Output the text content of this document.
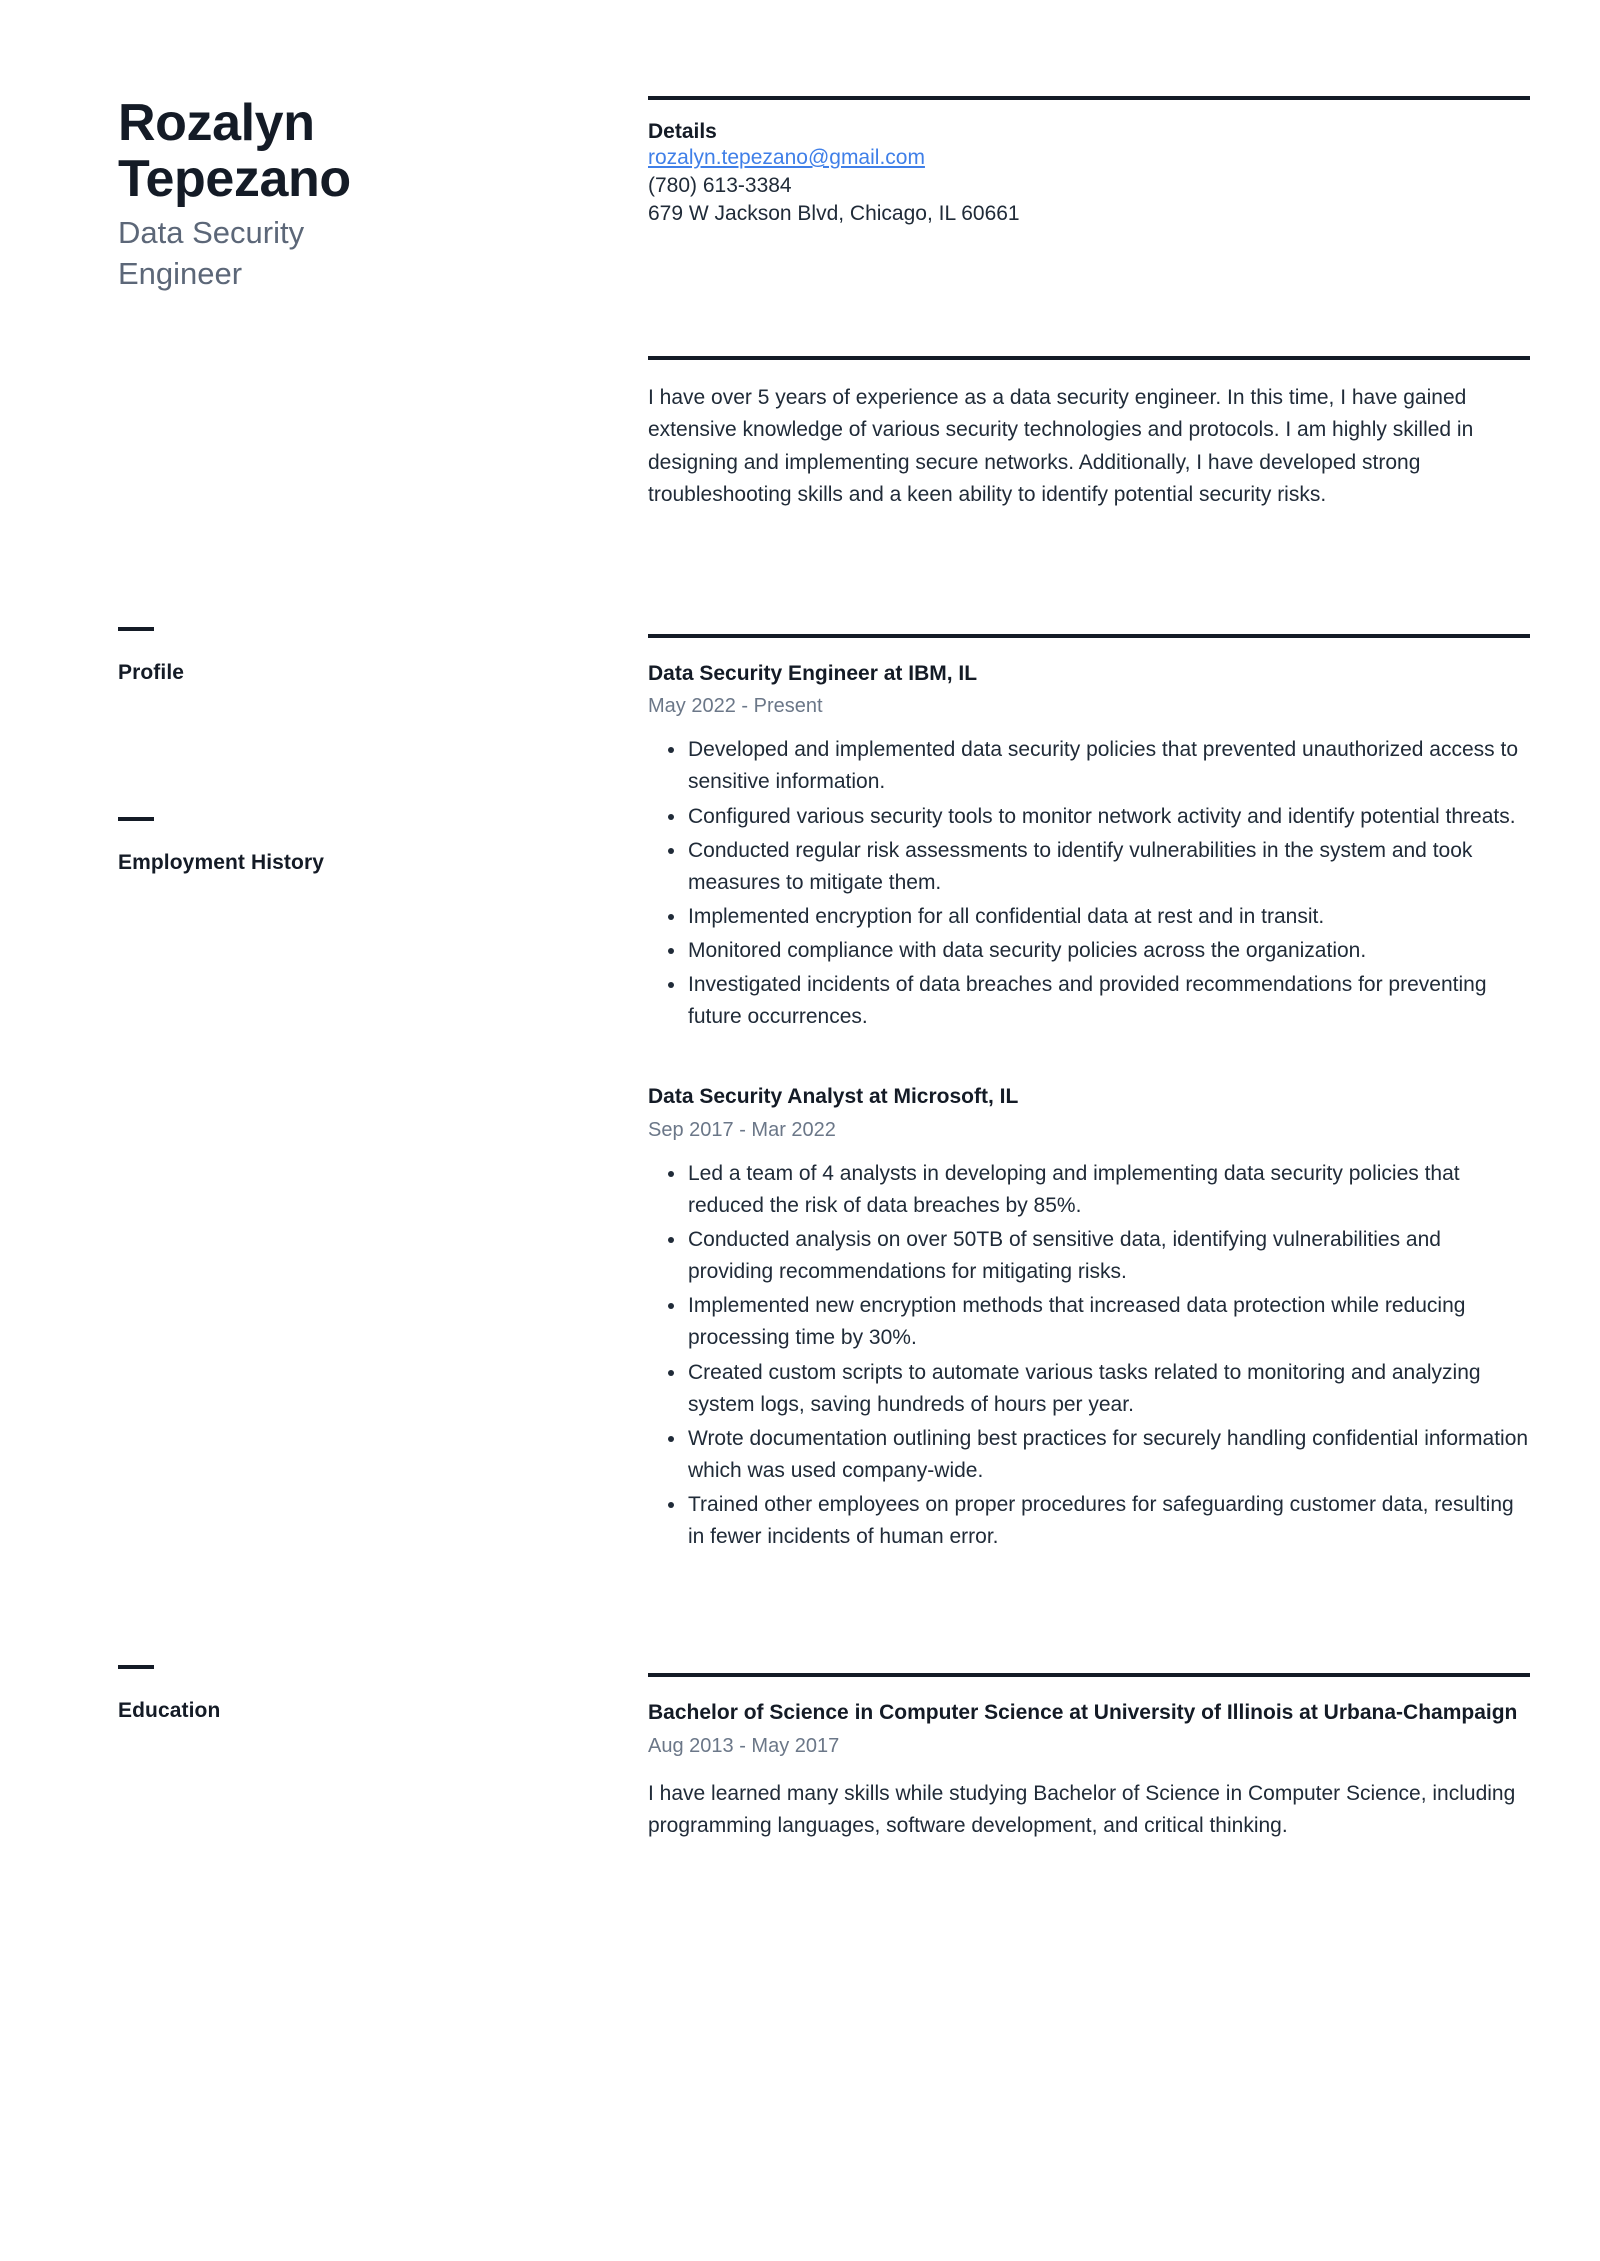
Rozalyn Tepezano
Data Security Engineer
Profile
Employment History
Education
Details
rozalyn.tepezano@gmail.com
(780) 613-3384
679 W Jackson Blvd, Chicago, IL 60661

I have over 5 years of experience as a data security engineer. In this time, I have gained extensive knowledge of various security technologies and protocols. I am highly skilled in designing and implementing secure networks. Additionally, I have developed strong troubleshooting skills and a keen ability to identify potential security risks.

Data Security Engineer at IBM, IL
May 2022 - Present
Developed and implemented data security policies that prevented unauthorized access to sensitive information.
Configured various security tools to monitor network activity and identify potential threats.
Conducted regular risk assessments to identify vulnerabilities in the system and took measures to mitigate them.
Implemented encryption for all confidential data at rest and in transit.
Monitored compliance with data security policies across the organization.
Investigated incidents of data breaches and provided recommendations for preventing future occurrences.
Data Security Analyst at Microsoft, IL
Sep 2017 - Mar 2022
Led a team of 4 analysts in developing and implementing data security policies that reduced the risk of data breaches by 85%.
Conducted analysis on over 50TB of sensitive data, identifying vulnerabilities and providing recommendations for mitigating risks.
Implemented new encryption methods that increased data protection while reducing processing time by 30%.
Created custom scripts to automate various tasks related to monitoring and analyzing system logs, saving hundreds of hours per year.
Wrote documentation outlining best practices for securely handling confidential information which was used company-wide.
Trained other employees on proper procedures for safeguarding customer data, resulting in fewer incidents of human error.
Bachelor of Science in Computer Science at University of Illinois at Urbana-Champaign
Aug 2013 - May 2017

I have learned many skills while studying Bachelor of Science in Computer Science, including programming languages, software development, and critical thinking.
